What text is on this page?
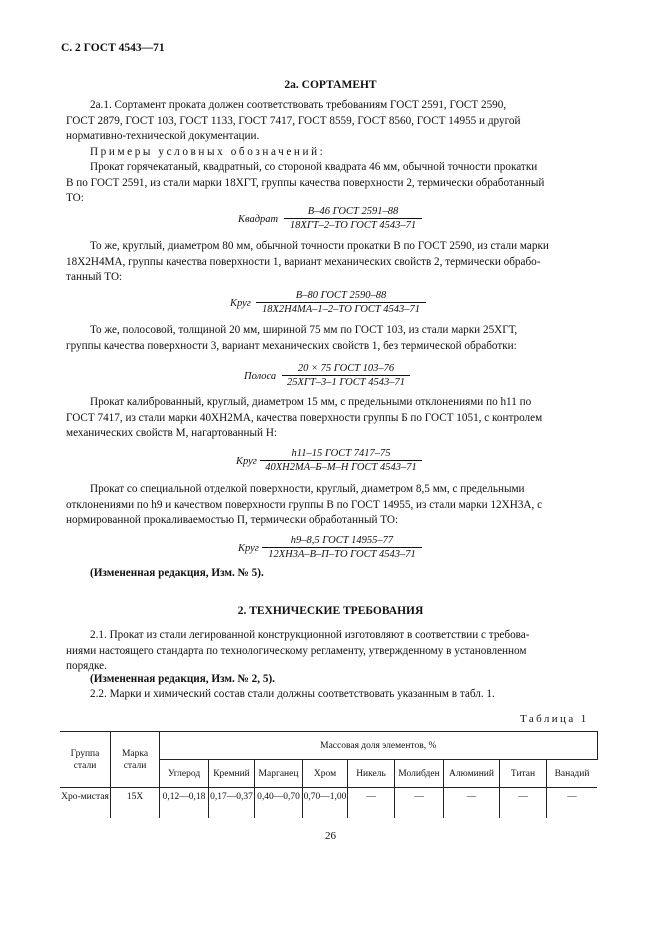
С. 2 ГОСТ 4543—71
2а. СОРТАМЕНТ
2а.1. Сортамент проката должен соответствовать требованиям ГОСТ 2591, ГОСТ 2590,
ГОСТ 2879, ГОСТ 103, ГОСТ 1133, ГОСТ 7417, ГОСТ 8559, ГОСТ 8560, ГОСТ 14955 и другой
нормативно-технической документации.
Примеры условных обозначений:
Прокат горячекатаный, квадратный, со стороной квадрата 46 мм, обычной точности прокатки
В по ГОСТ 2591, из стали марки 18ХГТ, группы качества поверхности 2, термически обработанный
ТО:
Квадрат
В–46 ГОСТ 2591–88
18ХГТ–2–ТО ГОСТ 4543–71
То же, круглый, диаметром 80 мм, обычной точности прокатки В по ГОСТ 2590, из стали марки
18Х2Н4МА, группы качества поверхности 1, вариант механических свойств 2, термически обрабо-
танный ТО:
Круг
В–80 ГОСТ 2590–88
18Х2Н4МА–1–2–ТО ГОСТ 4543–71
То же, полосовой, толщиной 20 мм, шириной 75 мм по ГОСТ 103, из стали марки 25ХГТ,
группы качества поверхности 3, вариант механических свойств 1, без термической обработки:
Полоса
20 × 75 ГОСТ 103–76
25ХГТ–3–1 ГОСТ 4543–71
Прокат калиброванный, круглый, диаметром 15 мм, с предельными отклонениями по h11 по
ГОСТ 7417, из стали марки 40ХН2МА, качества поверхности группы Б по ГОСТ 1051, с контролем
механических свойств М, нагартованный Н:
Круг
h11–15 ГОСТ 7417–75
40ХН2МА–Б–М–Н ГОСТ 4543–71
Прокат со специальной отделкой поверхности, круглый, диаметром 8,5 мм, с предельными
отклонениями по h9 и качеством поверхности группы В по ГОСТ 14955, из стали марки 12ХН3А, с
нормированной прокаливаемостью П, термически обработанный ТО:
Круг
h9–8,5 ГОСТ 14955–77
12ХН3А–В–П–ТО ГОСТ 4543–71
(Измененная редакция, Изм. № 5).
2. ТЕХНИЧЕСКИЕ ТРЕБОВАНИЯ
2.1. Прокат из стали легированной конструкционной изготовляют в соответствии с требова-
ниями настоящего стандарта по технологическому регламенту, утвержденному в установленном
порядке.
(Измененная редакция, Изм. № 2, 5).
2.2. Марки и химический состав стали должны соответствовать указанным в табл. 1.
Таблица 1
Группа стали	Марка стали	Массовая доля элементов, %								
		Углерод	Кремний	Марганец	Хром	Никель	Молибден	Алюминий	Титан	Ванадий
Хро-мистая	15Х	0,12—0,18	0,17—0,37	0,40—0,70	0,70—1,00	—	—	—	—	—
26
